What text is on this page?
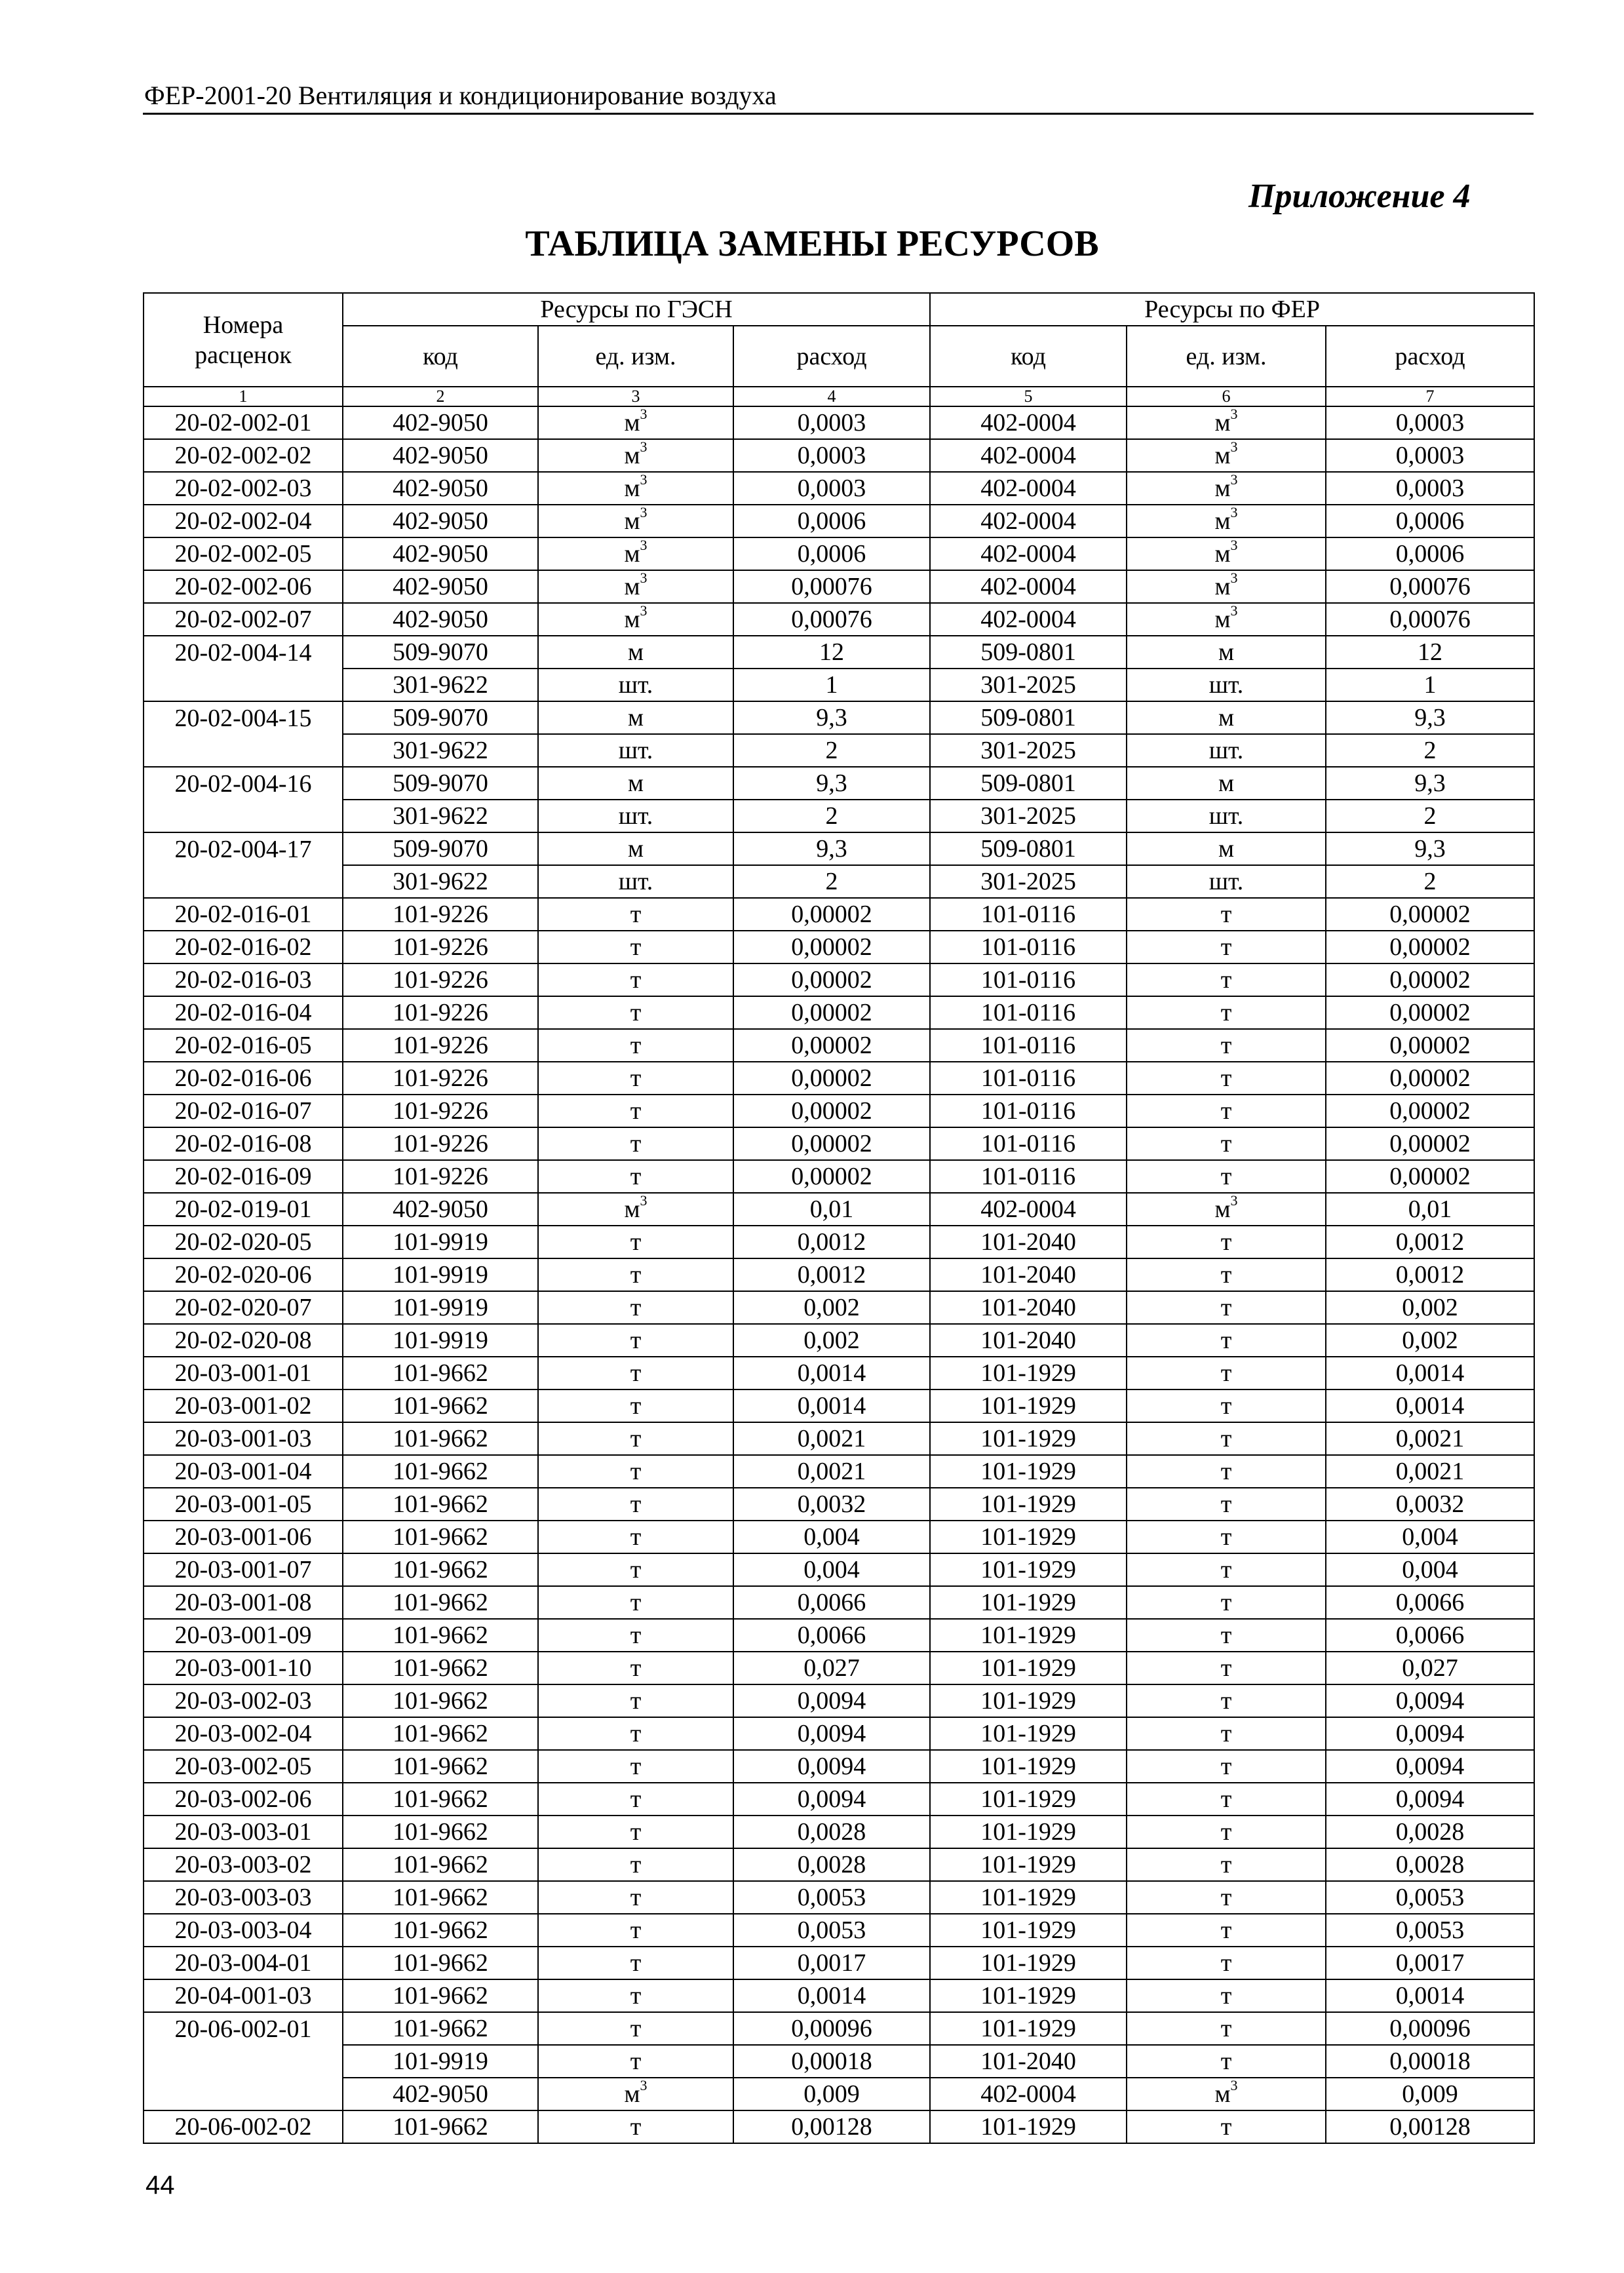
ФЕР-2001-20 Вентиляция и кондиционирование воздуха
Приложение 4
ТАБЛИЦА ЗАМЕНЫ РЕСУРСОВ
	Ресурсы по ГЭСН			Ресурсы по ФЕР		
Номера расценок	код	ед. изм.	расход	код	ед. изм.	расход
1	2	3	4	5	6	7
20-02-002-01	402-9050	$м^3$	0,0003	402-0004	$м^3$	0,0003
20-02-002-02	402-9050	$м^3$	0,0003	402-0004	$м^3$	0,0003
20-02-002-03	402-9050	$м^3$	0,0003	402-0004	$м^3$	0,0003
20-02-002-04	402-9050	$м^3$	0,0006	402-0004	$м^3$	0,0006
20-02-002-05	402-9050	$м^3$	0,0006	402-0004	$м^3$	0,0006
20-02-002-06	402-9050	$м^3$	0,00076	402-0004	$м^3$	0,00076
20-02-002-07	402-9050	$м^3$	0,00076	402-0004	$м^3$	0,00076
20-02-004-14	509-9070	м	12	509-0801	м	12
	301-9622	шт.	1	301-2025	шт.	1
20-02-004-15	509-9070	м	9,3	509-0801	м	9,3
	301-9622	шт.	2	301-2025	шт.	2
20-02-004-16	509-9070	м	9,3	509-0801	м	9,3
	301-9622	шт.	2	301-2025	шт.	2
20-02-004-17	509-9070	м	9,3	509-0801	м	9,3
	301-9622	шт.	2	301-2025	шт.	2
20-02-016-01	101-9226	т	0,00002	101-0116	т	0,00002
20-02-016-02	101-9226	т	0,00002	101-0116	т	0,00002
20-02-016-03	101-9226	т	0,00002	101-0116	т	0,00002
20-02-016-04	101-9226	т	0,00002	101-0116	т	0,00002
20-02-016-05	101-9226	т	0,00002	101-0116	т	0,00002
20-02-016-06	101-9226	т	0,00002	101-0116	т	0,00002
20-02-016-07	101-9226	т	0,00002	101-0116	т	0,00002
20-02-016-08	101-9226	т	0,00002	101-0116	т	0,00002
20-02-016-09	101-9226	т	0,00002	101-0116	т	0,00002
20-02-019-01	402-9050	$м^3$	0,01	402-0004	$м^3$	0,01
20-02-020-05	101-9919	т	0,0012	101-2040	т	0,0012
20-02-020-06	101-9919	т	0,0012	101-2040	т	0,0012
20-02-020-07	101-9919	т	0,002	101-2040	т	0,002
20-02-020-08	101-9919	т	0,002	101-2040	т	0,002
20-03-001-01	101-9662	т	0,0014	101-1929	т	0,0014
20-03-001-02	101-9662	т	0,0014	101-1929	т	0,0014
20-03-001-03	101-9662	т	0,0021	101-1929	т	0,0021
20-03-001-04	101-9662	т	0,0021	101-1929	т	0,0021
20-03-001-05	101-9662	т	0,0032	101-1929	т	0,0032
20-03-001-06	101-9662	т	0,004	101-1929	т	0,004
20-03-001-07	101-9662	т	0,004	101-1929	т	0,004
20-03-001-08	101-9662	т	0,0066	101-1929	т	0,0066
20-03-001-09	101-9662	т	0,0066	101-1929	т	0,0066
20-03-001-10	101-9662	т	0,027	101-1929	т	0,027
20-03-002-03	101-9662	т	0,0094	101-1929	т	0,0094
20-03-002-04	101-9662	т	0,0094	101-1929	т	0,0094
20-03-002-05	101-9662	т	0,0094	101-1929	т	0,0094
20-03-002-06	101-9662	т	0,0094	101-1929	т	0,0094
20-03-003-01	101-9662	т	0,0028	101-1929	т	0,0028
20-03-003-02	101-9662	т	0,0028	101-1929	т	0,0028
20-03-003-03	101-9662	т	0,0053	101-1929	т	0,0053
20-03-003-04	101-9662	т	0,0053	101-1929	т	0,0053
20-03-004-01	101-9662	т	0,0017	101-1929	т	0,0017
20-04-001-03	101-9662	т	0,0014	101-1929	т	0,0014
20-06-002-01	101-9662	т	0,00096	101-1929	т	0,00096
	101-9919	т	0,00018	101-2040	т	0,00018
	402-9050	$м^3$	0,009	402-0004	$м^3$	0,009
20-06-002-02	101-9662	т	0,00128	101-1929	т	0,00128
44
